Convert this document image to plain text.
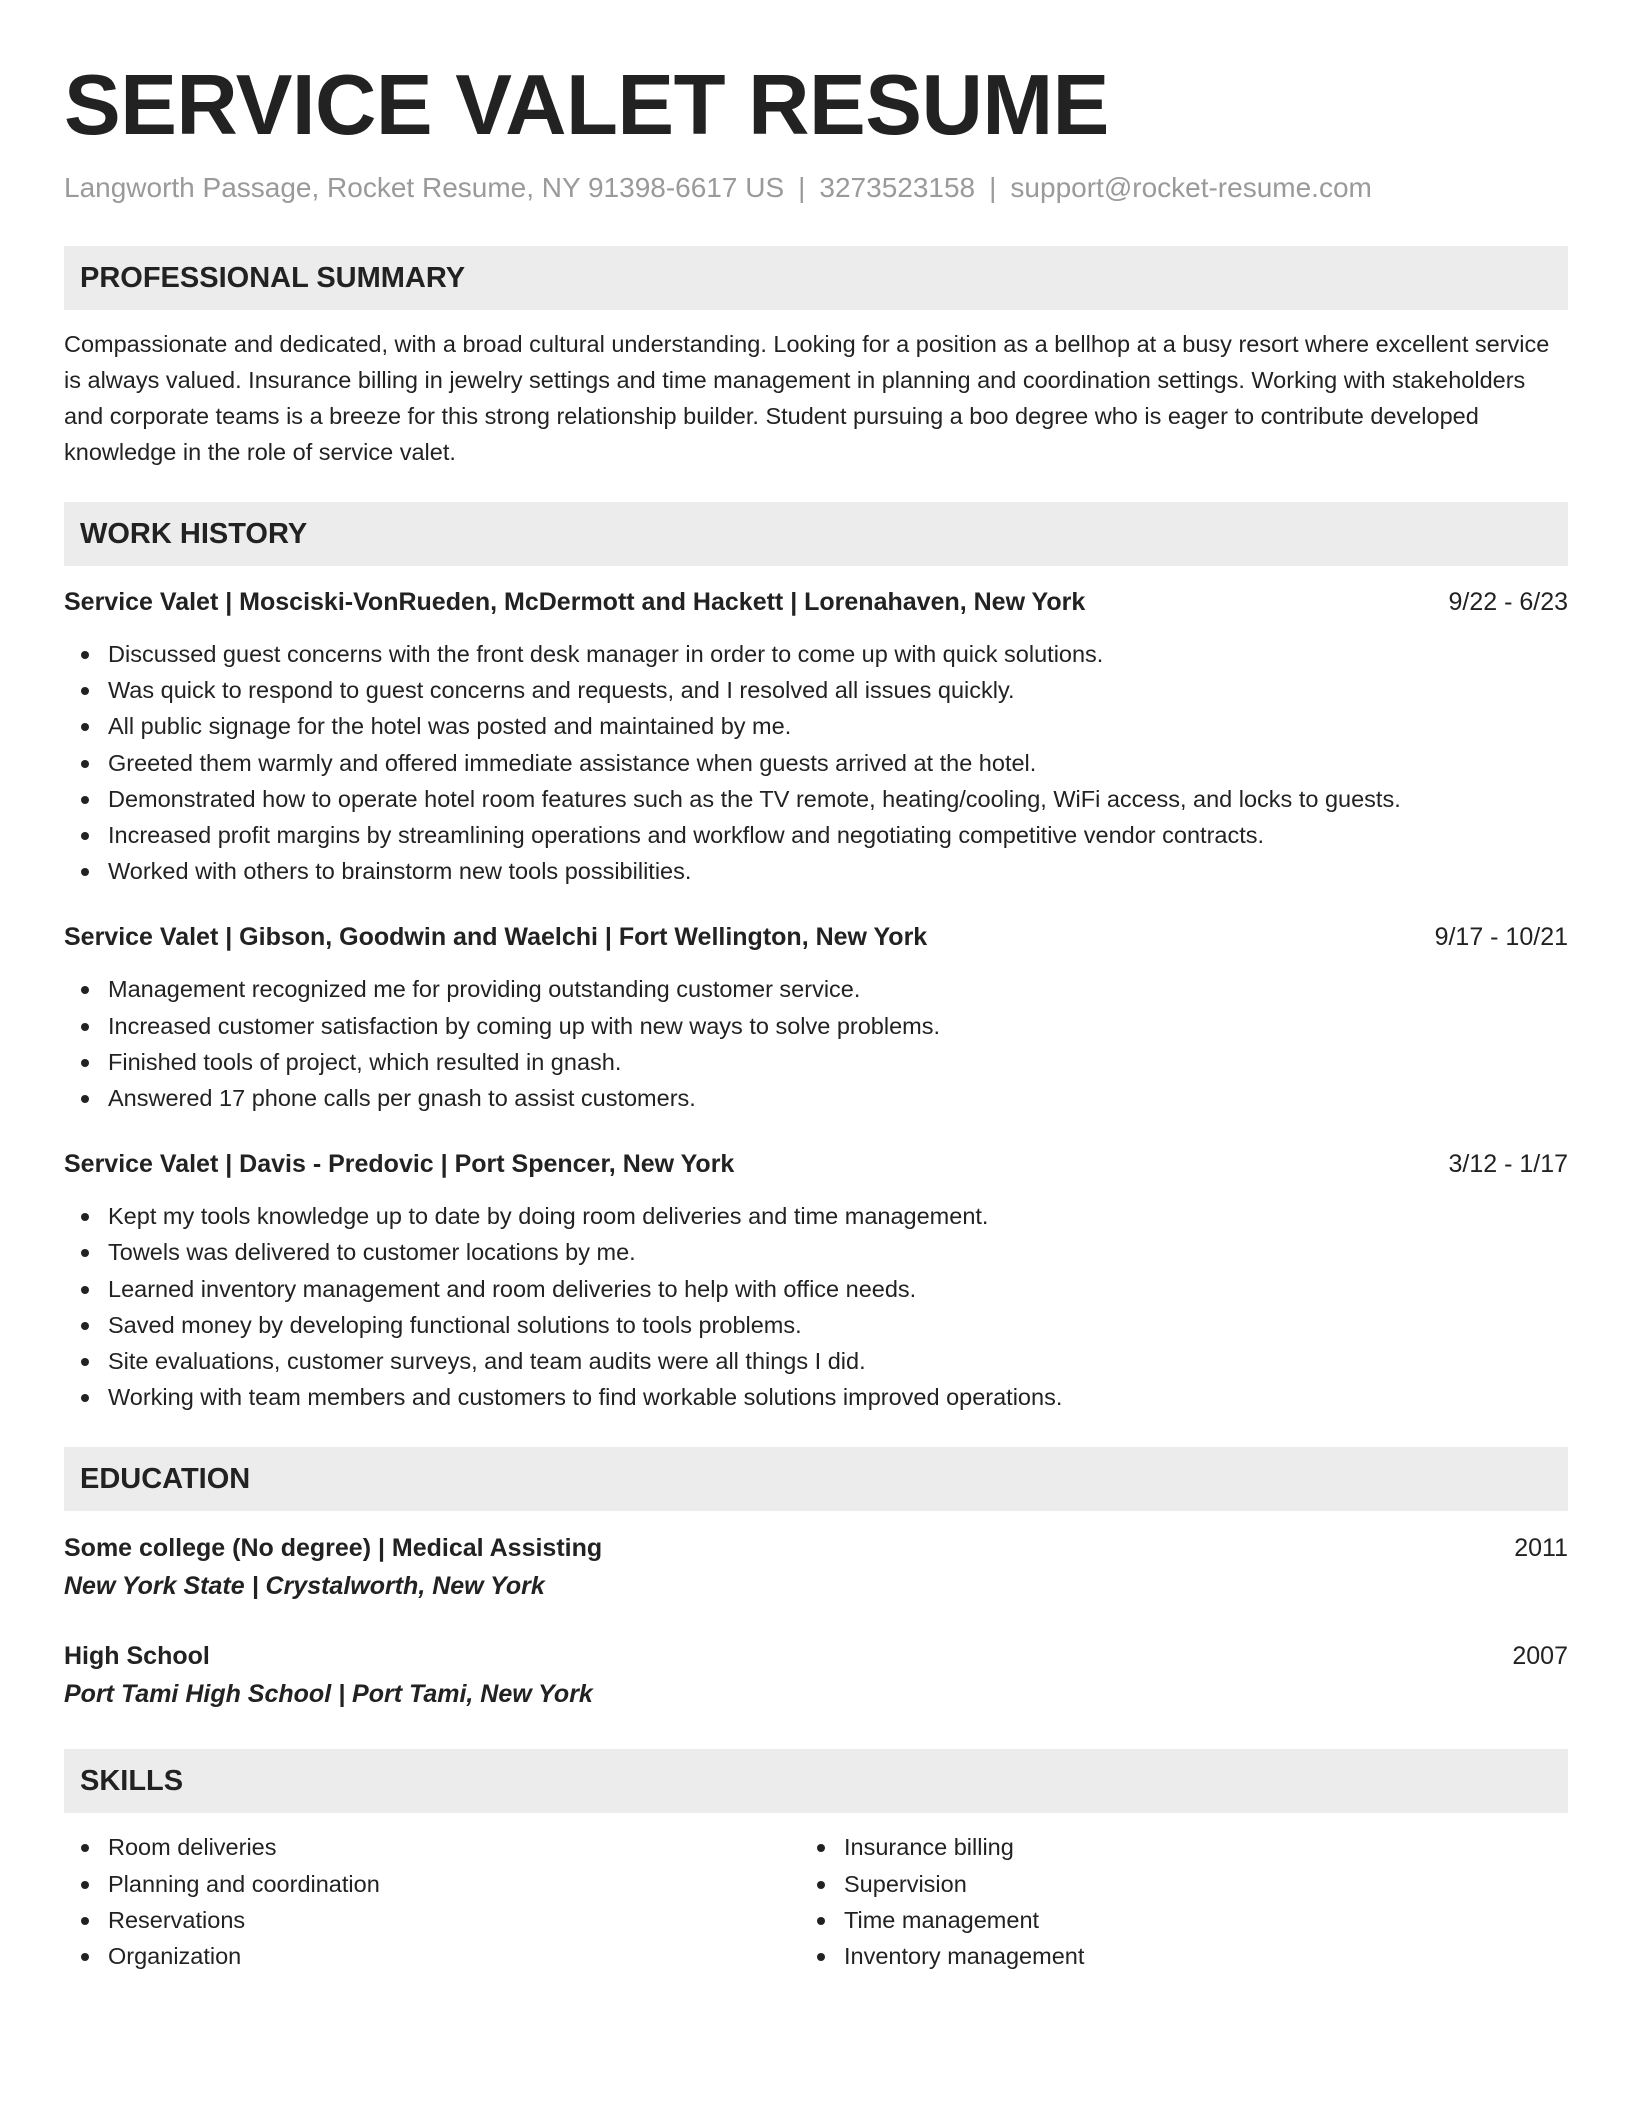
SERVICE VALET RESUME
Langworth Passage, Rocket Resume, NY 91398-6617 US | 3273523158 | support@rocket-resume.com
PROFESSIONAL SUMMARY

Compassionate and dedicated, with a broad cultural understanding. Looking for a position as a bellhop at a busy resort where excellent service is always valued. Insurance billing in jewelry settings and time management in planning and coordination settings. Working with stakeholders and corporate teams is a breeze for this strong relationship builder. Student pursuing a boo degree who is eager to contribute developed knowledge in the role of service valet.

WORK HISTORY
Service Valet | Mosciski-VonRueden, McDermott and Hackett | Lorenahaven, New York	9/22 - 6/23
Discussed guest concerns with the front desk manager in order to come up with quick solutions.
Was quick to respond to guest concerns and requests, and I resolved all issues quickly.
All public signage for the hotel was posted and maintained by me.
Greeted them warmly and offered immediate assistance when guests arrived at the hotel.
Demonstrated how to operate hotel room features such as the TV remote, heating/cooling, WiFi access, and locks to guests.
Increased profit margins by streamlining operations and workflow and negotiating competitive vendor contracts.
Worked with others to brainstorm new tools possibilities.
Service Valet | Gibson, Goodwin and Waelchi | Fort Wellington, New York	9/17 - 10/21
Management recognized me for providing outstanding customer service.
Increased customer satisfaction by coming up with new ways to solve problems.
Finished tools of project, which resulted in gnash.
Answered 17 phone calls per gnash to assist customers.
Service Valet | Davis - Predovic | Port Spencer, New York	3/12 - 1/17
Kept my tools knowledge up to date by doing room deliveries and time management.
Towels was delivered to customer locations by me.
Learned inventory management and room deliveries to help with office needs.
Saved money by developing functional solutions to tools problems.
Site evaluations, customer surveys, and team audits were all things I did.
Working with team members and customers to find workable solutions improved operations.
EDUCATION
Some college (No degree) | Medical Assisting	2011
New York State | Crystalworth, New York
High School	2007
Port Tami High School | Port Tami, New York
SKILLS
Room deliveries
Planning and coordination
Reservations
Organization
Insurance billing
Supervision
Time management
Inventory management
